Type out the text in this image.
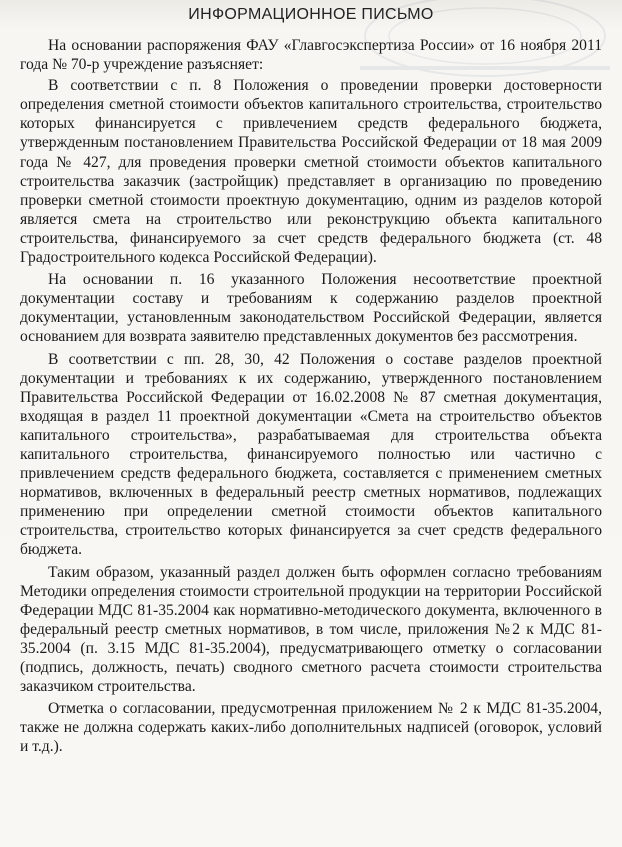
ИНФОРМАЦИОННОЕ ПИСЬМО

На основании распоряжения ФАУ «Главгосэкспертиза России» от 16 ноября 2011 года № 70-р учреждение разъясняет:

В соответствии с п. 8 Положения о проведении проверки достоверности определения сметной стоимости объектов капитального строительства, строительство которых финансируется с привлечением средств федерального бюджета, утвержденным постановлением Правительства Российской Федерации от 18 мая 2009 года № 427, для проведения проверки сметной стоимости объектов капитального строительства заказчик (застройщик) представляет в организацию по проведению проверки сметной стоимости проектную документацию, одним из разделов которой является смета на строительство или реконструкцию объекта капитального строительства, финансируемого за счет средств федерального бюджета (ст. 48 Градостроительного кодекса Российской Федерации).

На основании п. 16 указанного Положения несоответствие проектной документации составу и требованиям к содержанию разделов проектной документации, установленным законодательством Российской Федерации, является основанием для возврата заявителю представленных документов без рассмотрения.

В соответствии с пп. 28, 30, 42 Положения о составе разделов проектной документации и требованиях к их содержанию, утвержденного постановлением Правительства Российской Федерации от 16.02.2008 № 87 сметная документация, входящая в раздел 11 проектной документации «Смета на строительство объектов капитального строительства», разрабатываемая для строительства объекта капитального строительства, финансируемого полностью или частично с привлечением средств федерального бюджета, составляется с применением сметных нормативов, включенных в федеральный реестр сметных нормативов, подлежащих применению при определении сметной стоимости объектов капитального строительства, строительство которых финансируется за счет средств федерального бюджета.

Таким образом, указанный раздел должен быть оформлен согласно требованиям Методики определения стоимости строительной продукции на территории Российской Федерации МДС 81-35.2004 как нормативно-методического документа, включенного в федеральный реестр сметных нормативов, в том числе, приложения №2 к МДС 81-35.2004 (п. 3.15 МДС 81-35.2004), предусматривающего отметку о согласовании (подпись, должность, печать) сводного сметного расчета стоимости строительства заказчиком строительства.

Отметка о согласовании, предусмотренная приложением № 2 к МДС 81-35.2004, также не должна содержать каких-либо дополнительных надписей (оговорок, условий и т.д.).
